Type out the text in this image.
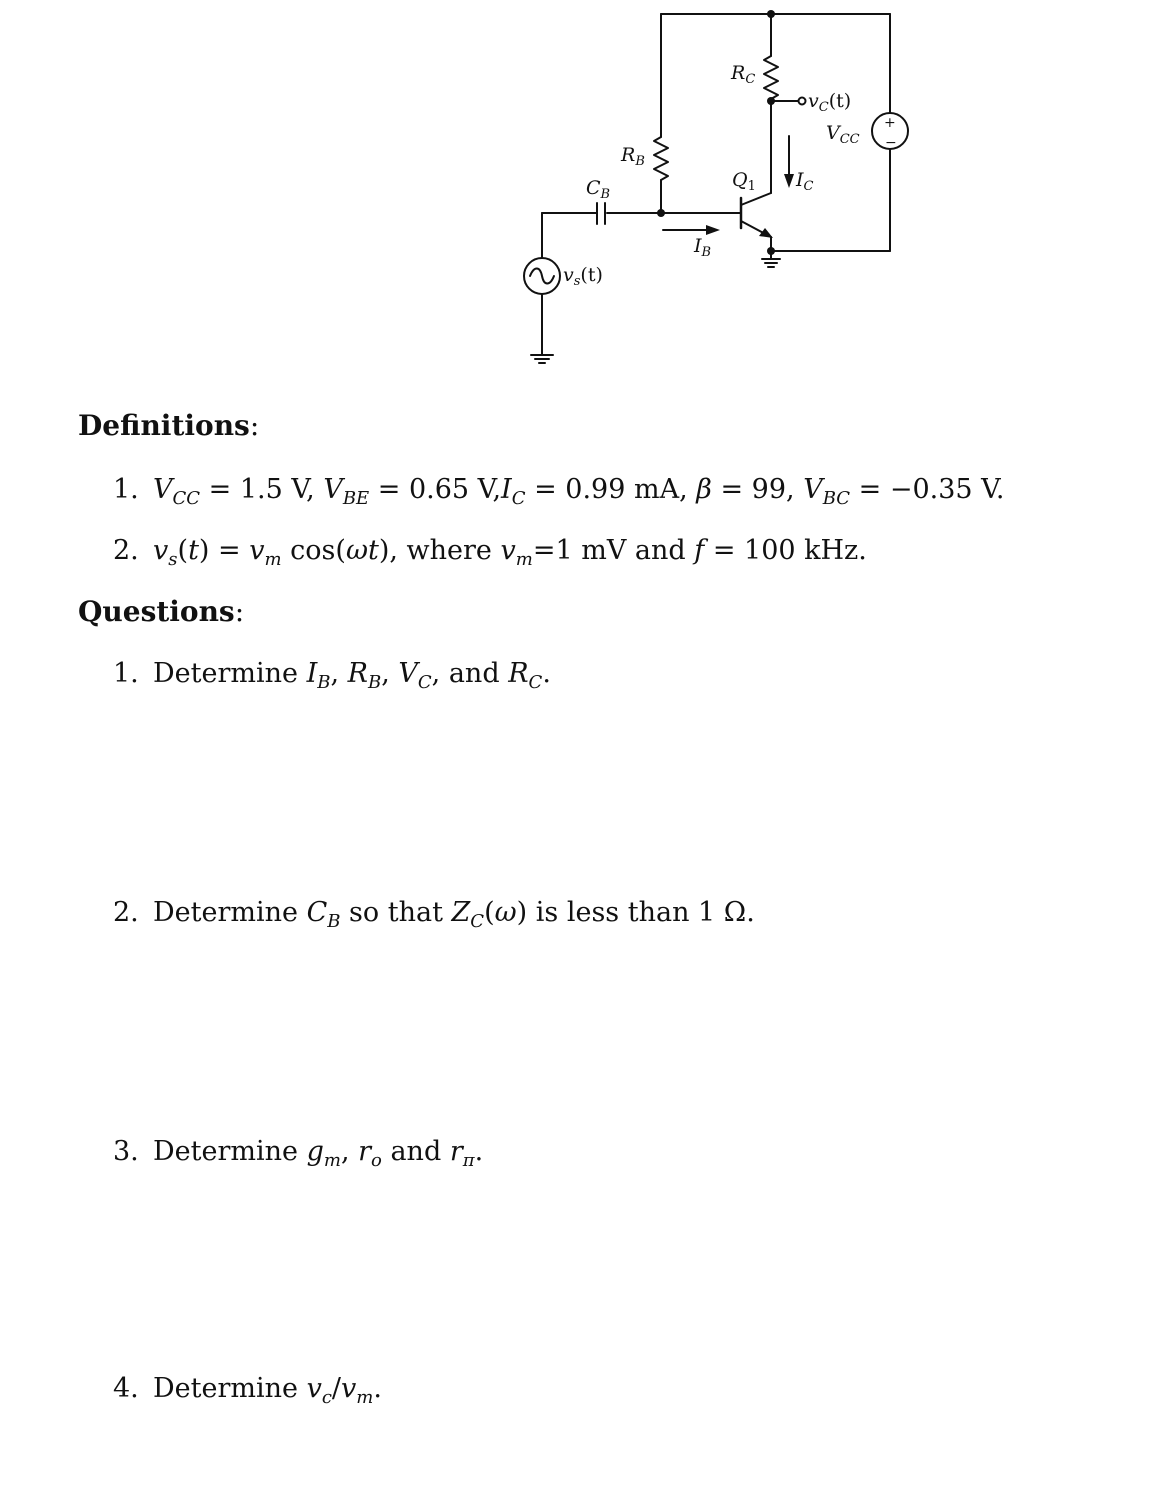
+
−
$R_C$
$v_C(t)$
$V_{CC}$
$R_B$
$C_B$
$Q_1$ $I_C$
$I_B$
$v_s(t)$
Definitions:

1. $V_{CC} = 1.5$ V, $V_{BE} = 0.65$ $V,I_C = 0.99$ mA, β = 99, $V_{BC} = -0.35$ V.

2. $v_s(t) = v_m$ cos(ωt), where $v_m=1$ mV and f = 100 kHz.

Questions:

1. Determine $I_B$, $R_B$, $V_C$, and $R_C$.

2. Determine $C_B$ so that $Z_C(\omega)$ is less than 1 Ω.

3. Determine $g_m$, $r_o$ and $r_\pi$.

4. Determine $v_c/v_m$.
